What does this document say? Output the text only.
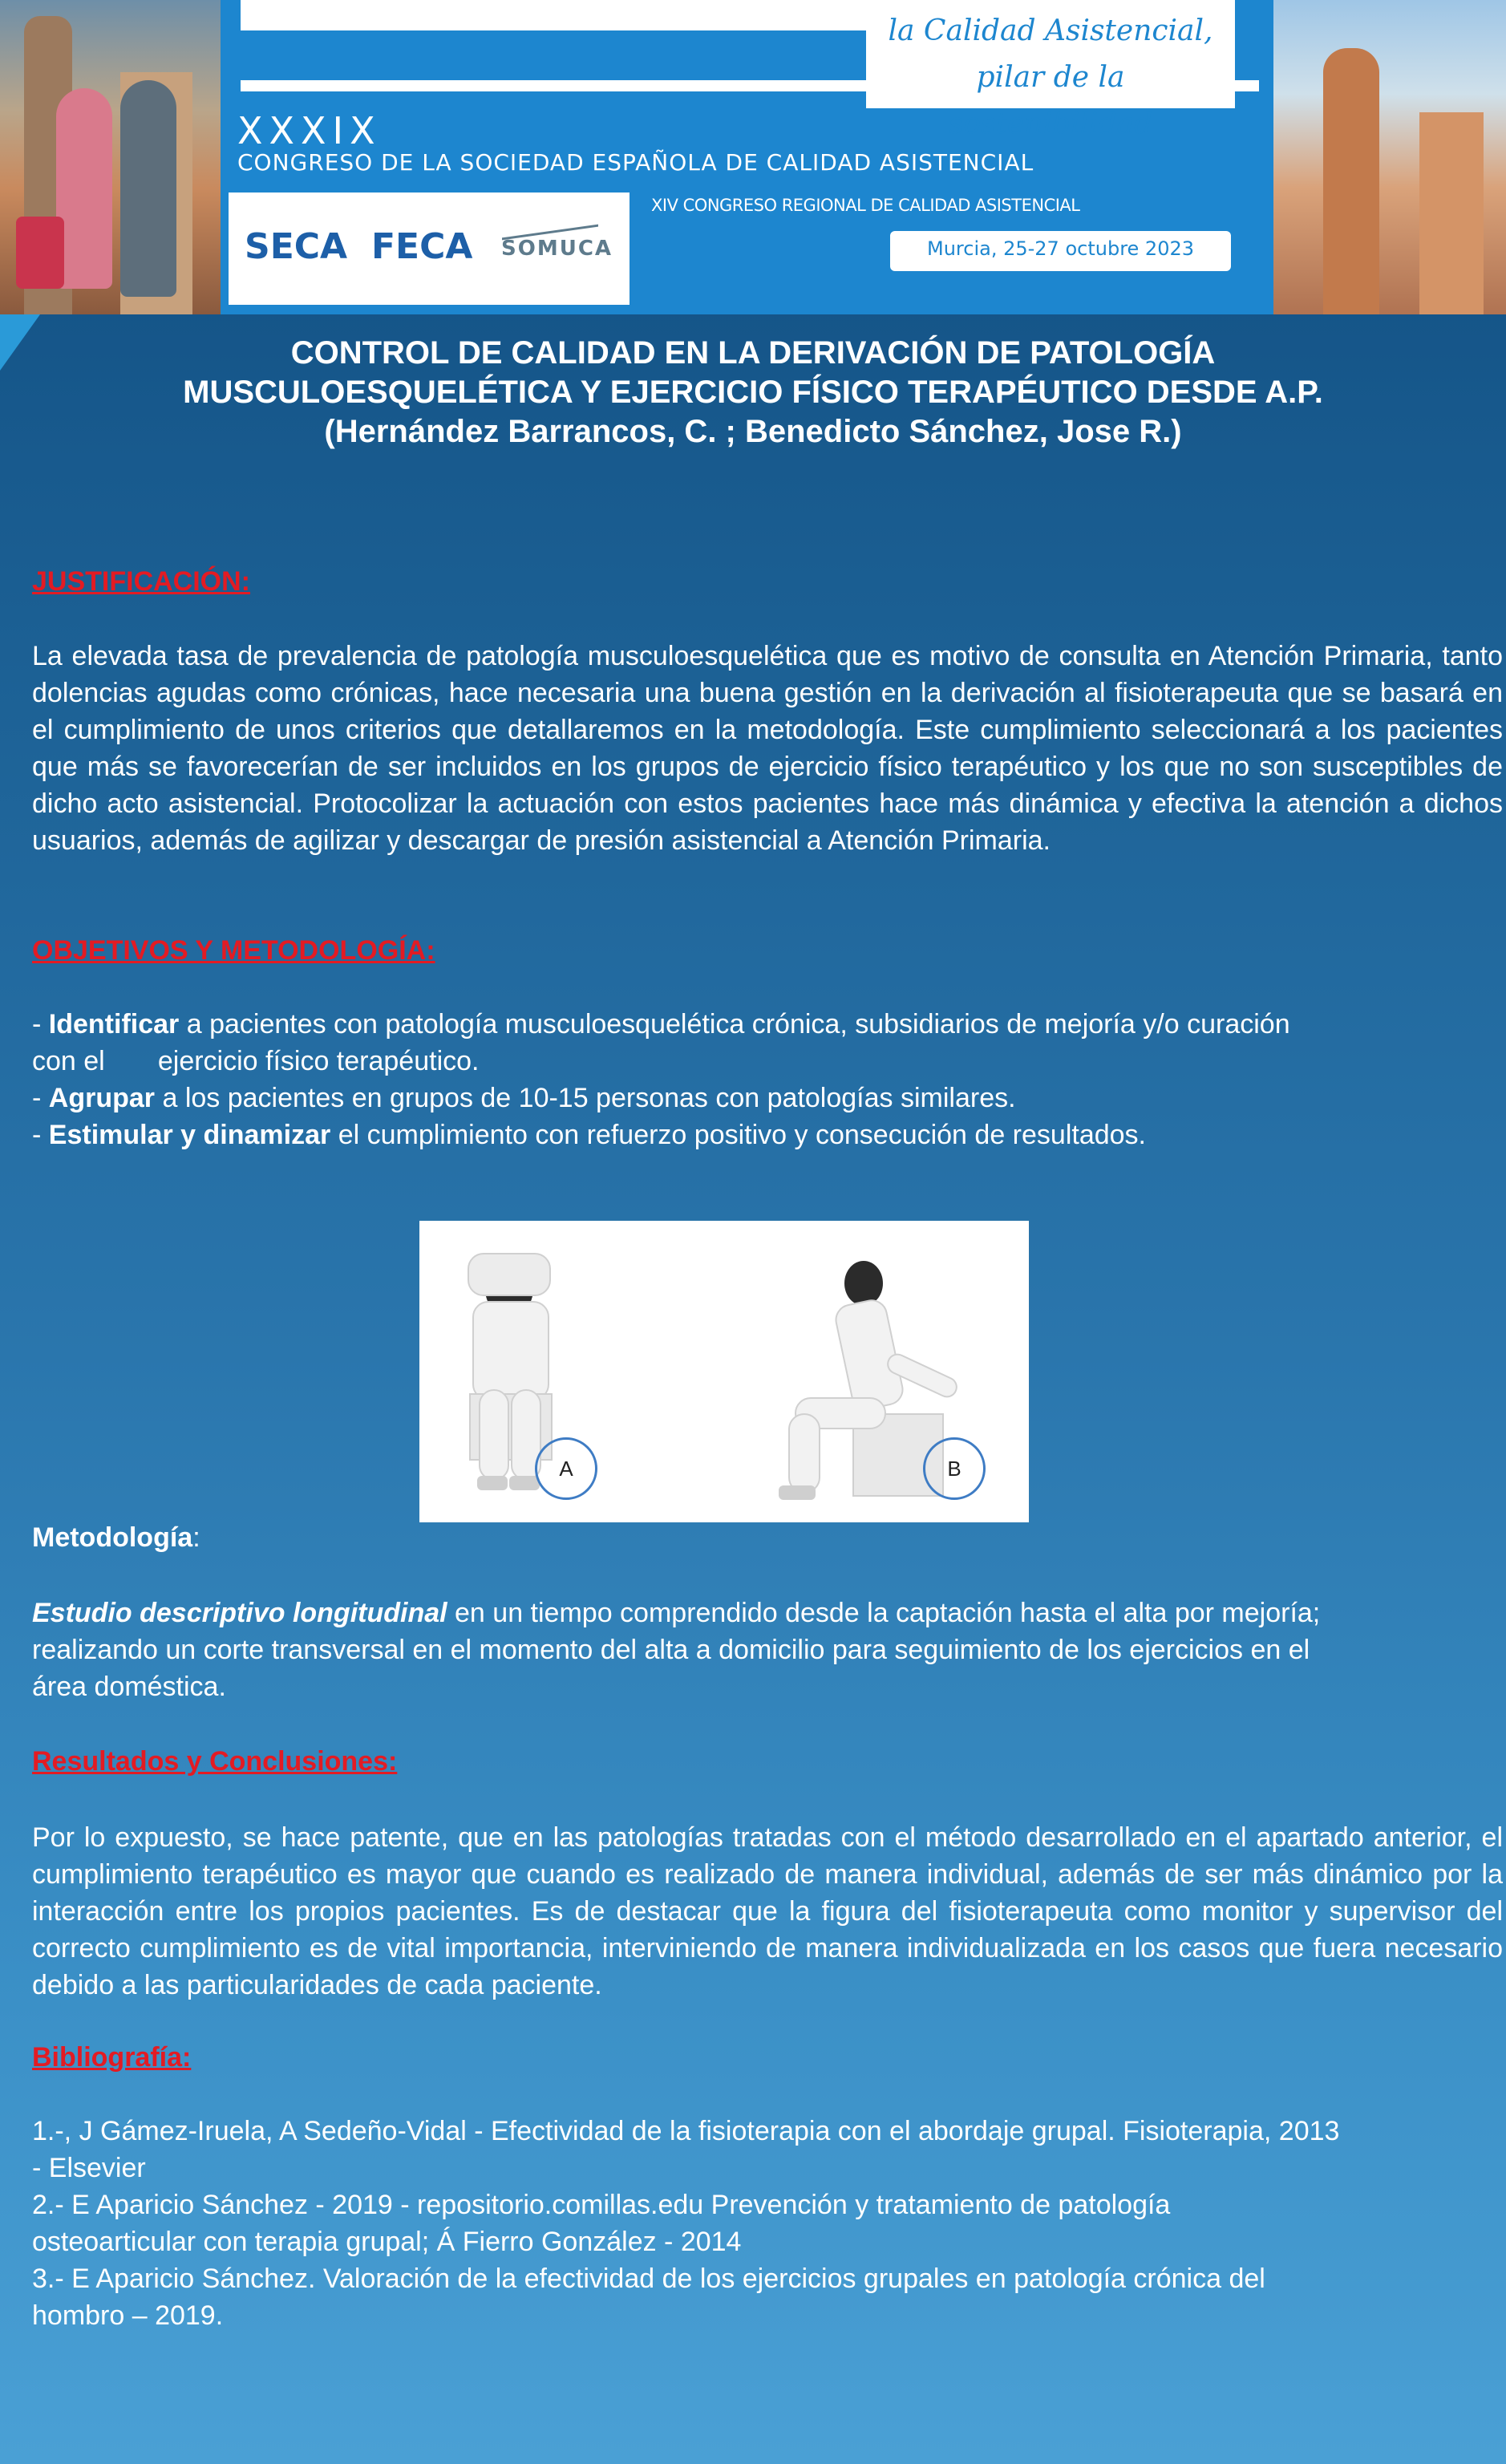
la Calidad Asistencial,
pilar de la sostenibilidad
XXXIX
CONGRESO DE LA SOCIEDAD ESPAÑOLA DE CALIDAD ASISTENCIAL
XIV CONGRESO REGIONAL DE CALIDAD ASISTENCIAL
SECA FECA SOMUCA	Murcia, 25-27 octubre 2023
CONTROL DE CALIDAD EN LA DERIVACIÓN DE PATOLOGÍA
MUSCULOESQUELÉTICA Y EJERCICIO FÍSICO TERAPÉUTICO DESDE A.P.
(Hernández Barrancos, C. ; Benedicto Sánchez, Jose R.)
JUSTIFICACIÓN:

La elevada tasa de prevalencia de patología musculoesquelética que es motivo de consulta en Atención Primaria, tanto dolencias agudas como crónicas, hace necesaria una buena gestión en la derivación al fisioterapeuta que se basará en el cumplimiento de unos criterios que detallaremos en la metodología. Este cumplimiento seleccionará a los pacientes que más se favorecerían de ser incluidos en los grupos de ejercicio físico terapéutico y los que no son susceptibles de dicho acto asistencial. Protocolizar la actuación con estos pacientes hace más dinámica y efectiva la atención a dichos usuarios, además de agilizar y descargar de presión asistencial a Atención Primaria.

OBJETIVOS Y METODOLOGÍA:
- Identificar a pacientes con patología musculoesquelética crónica, subsidiarios de mejoría y/o curación
con el       ejercicio físico terapéutico.
- Agrupar a los pacientes en grupos de 10-15 personas con patologías similares.
- Estimular y dinamizar el cumplimiento con refuerzo positivo y consecución de resultados.
A	B
Metodología:
Estudio descriptivo longitudinal en un tiempo comprendido desde la captación hasta el alta por mejoría;
realizando un corte transversal en el momento del alta a domicilio para seguimiento de los ejercicios en el
área doméstica.
Resultados y Conclusiones:

Por lo expuesto, se hace patente, que en las patologías tratadas con el método desarrollado en el apartado anterior, el cumplimiento terapéutico es mayor que cuando es realizado de manera individual, además de ser más dinámico por la interacción entre los propios pacientes. Es de destacar que la figura del fisioterapeuta como monitor y supervisor del correcto cumplimiento es de vital importancia, interviniendo de manera individualizada en los casos que fuera necesario debido a las particularidades de cada paciente.

Bibliografía:
1.-, J Gámez-Iruela, A Sedeño-Vidal - Efectividad de la fisioterapia con el abordaje grupal. Fisioterapia, 2013
- Elsevier
2.- E Aparicio Sánchez - 2019 - repositorio.comillas.edu Prevención y tratamiento de patología
osteoarticular con terapia grupal; Á Fierro González - 2014
3.- E Aparicio Sánchez. Valoración de la efectividad de los ejercicios grupales en patología crónica del
hombro – 2019.
